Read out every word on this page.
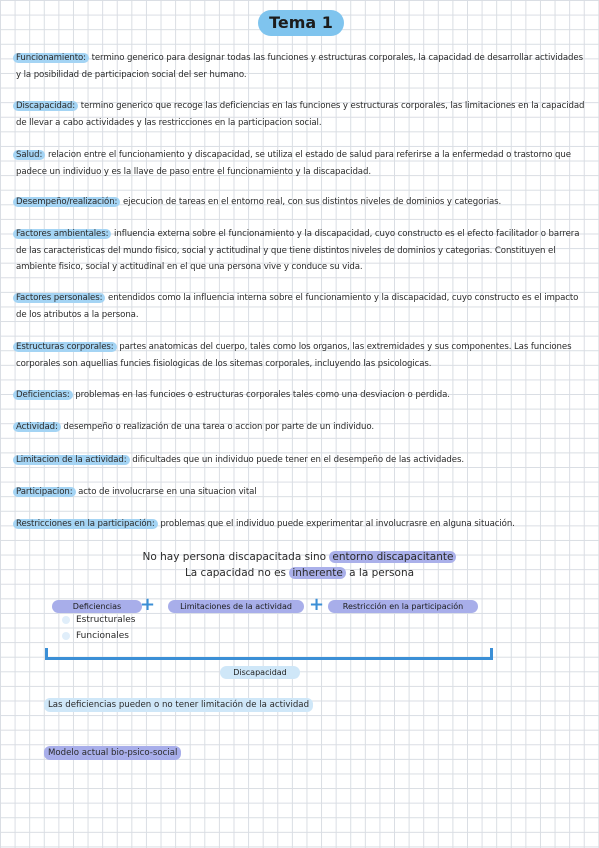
Tema 1
Funcionamiento: termino generico para designar todas las funciones y estructuras corporales, la capacidad de desarrollar actividades y la posibilidad de participacion social del ser humano.
Discapacidad: termino generico que recoge las deficiencias en las funciones y estructuras corporales, las limitaciones en la capacidad de llevar a cabo actividades y las restricciones en la participacion social.
Salud: relacion entre el funcionamiento y discapacidad, se utiliza el estado de salud para referirse a la enfermedad o trastorno que padece un individuo y es la llave de paso entre el funcionamiento y la discapacidad.
Desempeño/realización: ejecucion de tareas en el entorno real, con sus distintos niveles de dominios y categorias.
Factores ambientales: influencia externa sobre el funcionamiento y la discapacidad, cuyo constructo es el efecto facilitador o barrera de las caracteristicas del mundo fisico, social y actitudinal y que tiene distintos niveles de dominios y categorias. Constituyen el ambiente fisico, social y actitudinal en el que una persona vive y conduce su vida.
Factores personales: entendidos como la influencia interna sobre el funcionamiento y la discapacidad, cuyo constructo es el impacto de los atributos a la persona.
Estructuras corporales: partes anatomicas del cuerpo, tales como los organos, las extremidades y sus componentes. Las funciones corporales son aquellias funcies fisiologicas de los sitemas corporales, incluyendo las psicologicas.
Deficiencias: problemas en las funcioes o estructuras corporales tales como una desviacion o perdida.
Actividad: desempeño o realización de una tarea o accion por parte de un individuo.
Limitacion de la actividad: dificultades que un individuo puede tener en el desempeño de las actividades.
Participacion: acto de involucrarse en una situacion vital
Restricciones en la participación: problemas que el individuo puede experimentar al involucrasre en alguna situación.
No hay persona discapacitada sino entorno discapacitante
La capacidad no es inherente a la persona
Deficiencias	+	Limitaciones de la actividad +	Restricción en la participación
Estructurales
Funcionales
Discapacidad
Las deficiencias pueden o no tener limitación de la actividad
Modelo actual bio-psico-social
